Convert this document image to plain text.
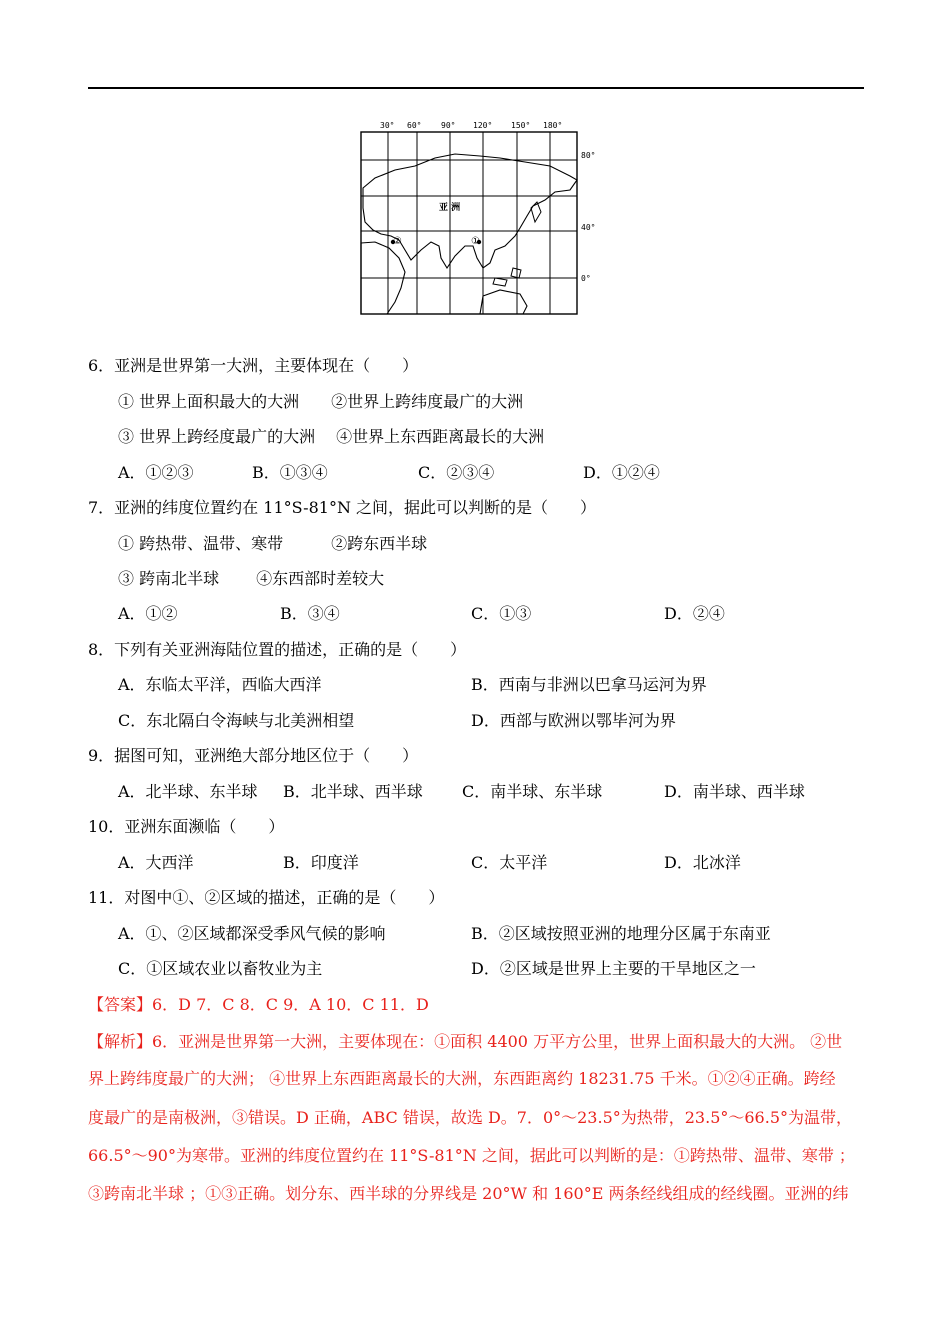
30° 60° 90° 120° 150° 180°
80°
40°
0°
亚 洲
①
②
6．亚洲是世界第一大洲，主要体现在（　　）
① 世界上面积最大的大洲　　②世界上跨纬度最广的大洲
③ 世界上跨经度最广的大洲　 ④世界上东西距离最长的大洲
A．①②③	B．①③④	C．②③④	D．①②④
7．亚洲的纬度位置约在 11°S-81°N 之间，据此可以判断的是（　　）
① 跨热带、温带、寒带　　　②跨东西半球
③ 跨南北半球　　 ④东西部时差较大
A．①②	B．③④	C．①③	D．②④
8．下列有关亚洲海陆位置的描述，正确的是（　　）
A．东临太平洋，西临大西洋	B．西南与非洲以巴拿马运河为界
C．东北隔白令海峡与北美洲相望	D．西部与欧洲以鄂毕河为界
9．据图可知，亚洲绝大部分地区位于（　　）
A．北半球、东半球 B．北半球、西半球 C．南半球、东半球	D．南半球、西半球
10．亚洲东面濒临（　　）
A．大西洋	B．印度洋	C．太平洋	D．北冰洋
11．对图中①、②区域的描述，正确的是（　　）
A．①、②区域都深受季风气候的影响	B．②区域按照亚洲的地理分区属于东南亚
C．①区域农业以畜牧业为主	D．②区域是世界上主要的干旱地区之一
【答案】6．D 7．C 8．C 9．A 10．C 11．D
【解析】6．亚洲是世界第一大洲，主要体现在：①面积 4400 万平方公里，世界上面积最大的大洲。 ②世
界上跨纬度最广的大洲； ④世界上东西距离最长的大洲，东西距离约 18231.75 千米。①②④正确。跨经
度最广的是南极洲，③错误。D 正确，ABC 错误，故选 D。7．0°～23.5°为热带，23.5°～66.5°为温带，
66.5°～90°为寒带。亚洲的纬度位置约在 11°S-81°N 之间，据此可以判断的是：①跨热带、温带、寒带 ；
③跨南北半球 ；①③正确。划分东、西半球的分界线是 20°W 和 160°E 两条经线组成的经线圈。亚洲的纬
